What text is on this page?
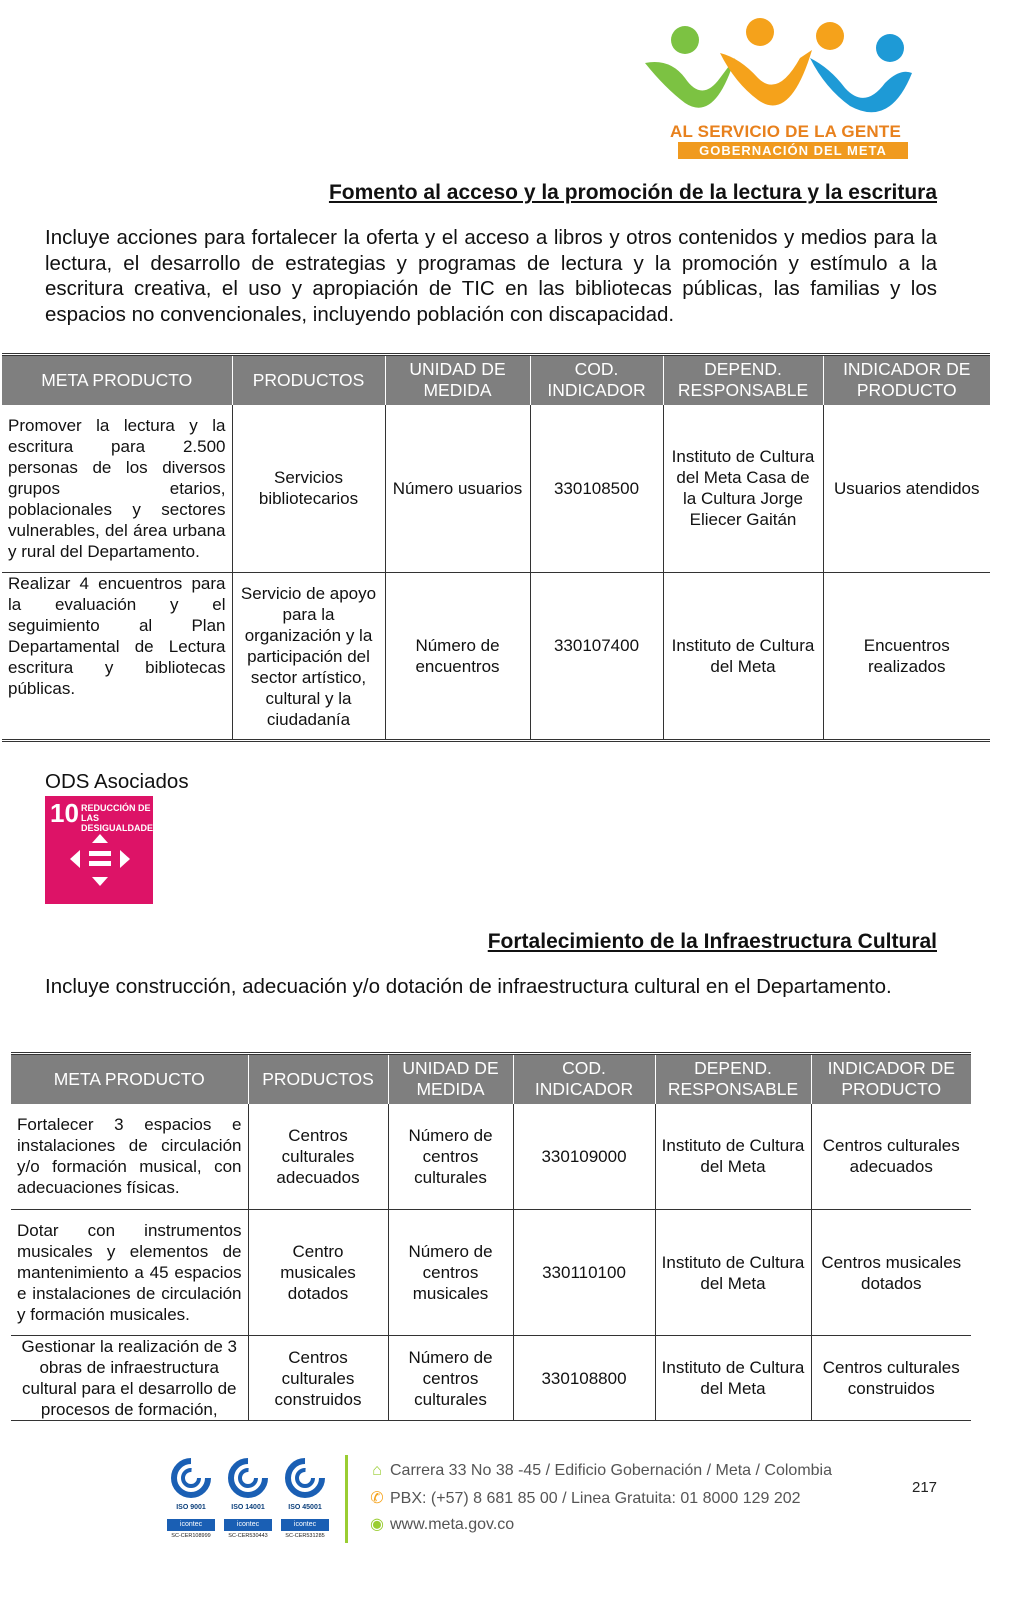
AL SERVICIO DE LA GENTE
GOBERNACIÓN DEL META
Fomento al acceso y la promoción de la lectura y la escritura
Incluye acciones para fortalecer la oferta y el acceso a libros y otros contenidos y medios para la lectura, el desarrollo de estrategias y programas de lectura y la promoción y estímulo a la escritura creativa, el uso y apropiación de TIC en las bibliotecas públicas, las familias y los espacios no convencionales, incluyendo población con discapacidad.
META PRODUCTO	PRODUCTOS	UNIDAD DE MEDIDA	COD. INDICADOR	DEPEND. RESPONSABLE	INDICADOR DE PRODUCTO
Promover la lectura y la escritura para 2.500 personas de los diversos grupos etarios, poblacionales y sectores vulnerables, del área urbana y rural del Departamento.	Servicios bibliotecarios	Número usuarios	330108500	Instituto de Cultura del Meta Casa de la Cultura Jorge Eliecer Gaitán	Usuarios atendidos
Realizar 4 encuentros para la evaluación y el seguimiento al Plan Departamental de Lectura escritura y bibliotecas públicas.	Servicio de apoyo para la organización y la participación del sector artístico, cultural y la ciudadanía	Número de encuentros	330107400	Instituto de Cultura del Meta	Encuentros realizados
ODS Asociados
10 REDUCCIÓN DE LAS DESIGUALDADES
Fortalecimiento de la Infraestructura Cultural
Incluye construcción, adecuación y/o dotación de infraestructura cultural en el Departamento.
META PRODUCTO	PRODUCTOS	UNIDAD DE MEDIDA	COD. INDICADOR	DEPEND. RESPONSABLE	INDICADOR DE PRODUCTO
Fortalecer 3 espacios e instalaciones de circulación y/o formación musical, con adecuaciones físicas.	Centros culturales adecuados	Número de centros culturales	330109000	Instituto de Cultura del Meta	Centros culturales adecuados
Dotar con instrumentos musicales y elementos de mantenimiento a 45 espacios e instalaciones de circulación y formación musicales.	Centro musicales dotados	Número de centros musicales	330110100	Instituto de Cultura del Meta	Centros musicales dotados
Gestionar la realización de 3 obras de infraestructura cultural para el desarrollo de procesos de formación,	Centros culturales construidos	Número de centros culturales	330108800	Instituto de Cultura del Meta	Centros culturales construidos
ISO 9001
icontec
SC-CER108999
ISO 14001
icontec
SC-CER530443
ISO 45001
icontec
SC-CER531285
⌂ Carrera 33 No 38 -45 / Edificio Gobernación / Meta / Colombia
✆ PBX: (+57) 8 681 85 00 / Linea Gratuita: 01 8000 129 202
◉ www.meta.gov.co
217
